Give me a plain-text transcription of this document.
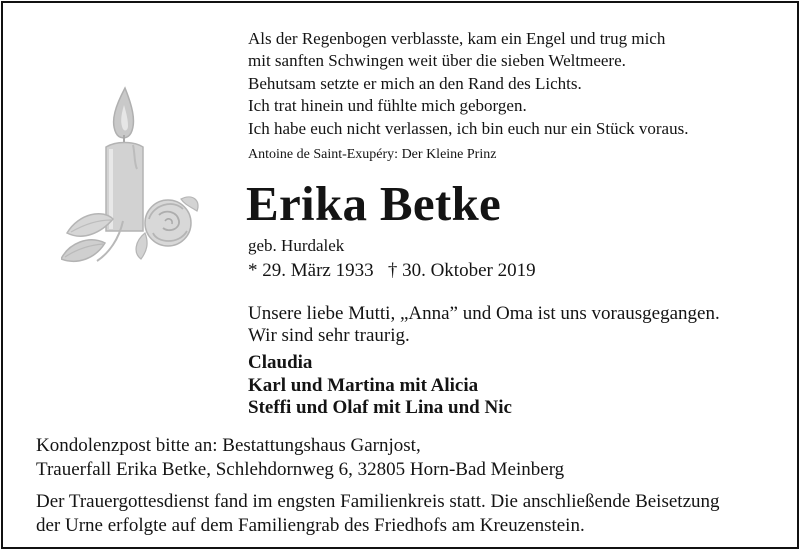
Als der Regenbogen verblasste, kam ein Engel und trug mich
mit sanften Schwingen weit über die sieben Weltmeere.
Behutsam setzte er mich an den Rand des Lichts.
Ich trat hinein und fühlte mich geborgen.
Ich habe euch nicht verlassen, ich bin euch nur ein Stück voraus.
Antoine de Saint-Exupéry: Der Kleine Prinz
Erika Betke
geb. Hurdalek
* 29. März 1933   † 30. Oktober 2019
Unsere liebe Mutti, „Anna” und Oma ist uns vorausgegangen.
Wir sind sehr traurig.
Claudia
Karl und Martina mit Alicia
Steffi und Olaf mit Lina und Nic
Kondolenzpost bitte an: Bestattungshaus Garnjost,
Trauerfall Erika Betke, Schlehdornweg 6, 32805 Horn-Bad Meinberg
Der Trauergottesdienst fand im engsten Familienkreis statt. Die anschließende Beisetzung
der Urne erfolgte auf dem Familiengrab des Friedhofs am Kreuzenstein.
